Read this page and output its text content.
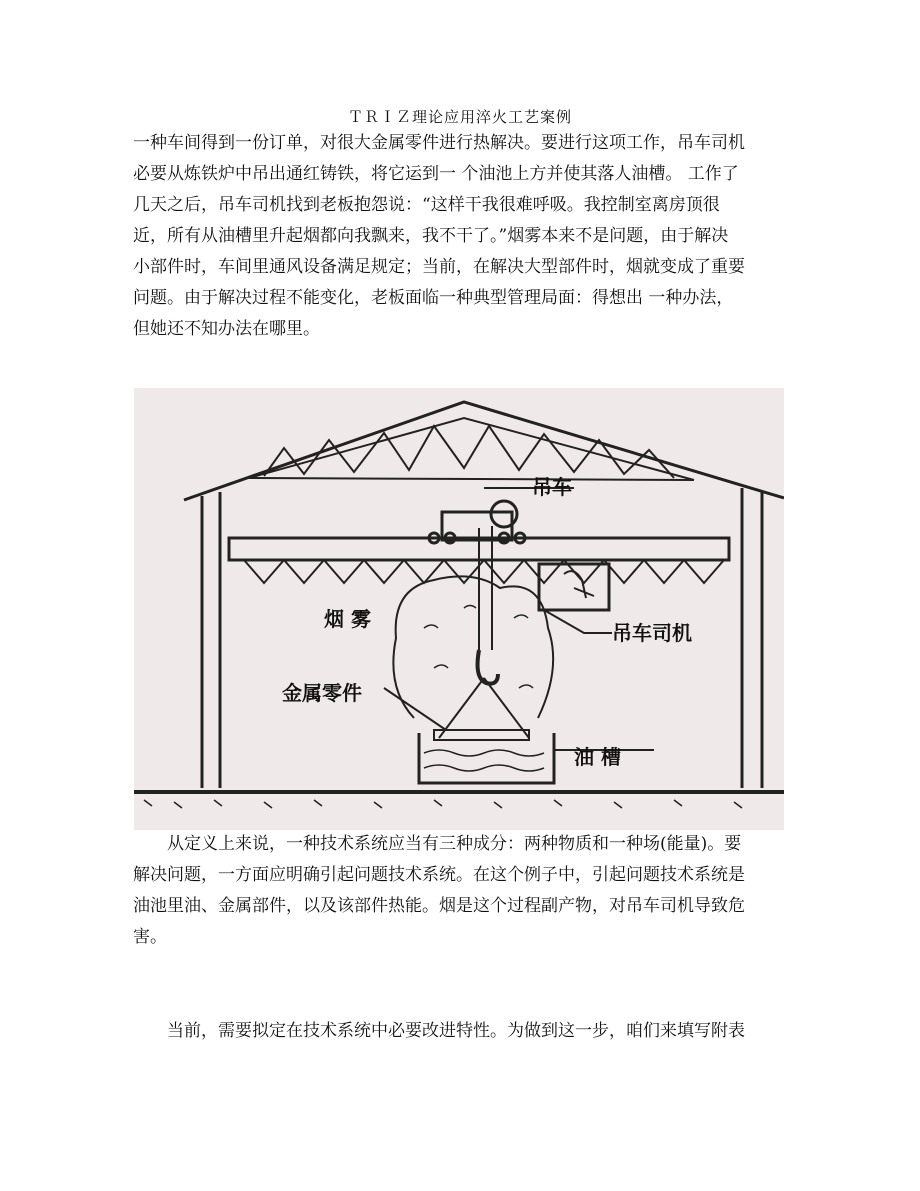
ＴＲＩＺ理论应用淬火工艺案例
一种车间得到一份订单，对很大金属零件进行热解决。要进行这项工作，吊车司机
必要从炼铁炉中吊出通红铸铁，将它运到一 个油池上方并使其落人油槽。 工作了
几天之后，吊车司机找到老板抱怨说：“这样干我很难呼吸。我控制室离房顶很
近，所有从油槽里升起烟都向我飘来，我不干了。”烟雾本来不是问题，由于解决
小部件时，车间里通风设备满足规定；当前，在解决大型部件时，烟就变成了重要
问题。由于解决过程不能变化，老板面临一种典型管理局面：得想出 一种办法，
但她还不知办法在哪里。
吊车
烟 雾
吊车司机
金属零件
油 槽
从定义上来说，一种技术系统应当有三种成分：两种物质和一种场(能量)。要
解决问题，一方面应明确引起问题技术系统。在这个例子中，引起问题技术系统是
油池里油、金属部件，以及该部件热能。烟是这个过程副产物，对吊车司机导致危
害。
当前，需要拟定在技术系统中必要改进特性。为做到这一步，咱们来填写附表
